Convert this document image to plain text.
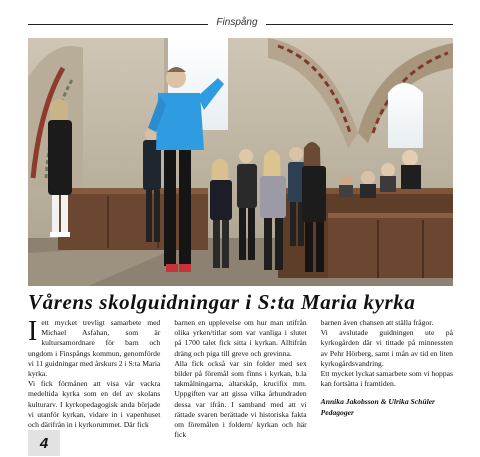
Finspång
Vårens skolguidningar i S:ta Maria kyrka

Iett mycket trevligt samarbete med Michael Asfahan, som är kultursamordnare för barn och ungdom i Finspångs kommun, genomförde vi 11 guidningar med årskurs 2 i S:ta Maria kyrka.

Vi fick förmånen att visa vår vackra medeltida kyrka som en del av skolans kulturarv. I kyrkopedagogisk anda började vi utanför kyrkan, vidare in i vapenhuset och därifrån in i kyrkorummet. Där fick

barnen en upplevelse om hur man utifrån olika yrken/titlar som var vanliga i slutet på 1700 talet fick sitta i kyrkan. Alltifrån dräng och piga till greve och grevinna.

Alla fick också var sin folder med sex bilder på föremål som finns i kyrkan, b.la takmålningarna, altarskåp, krucifix mm. Uppgiften var att gissa vilka århundraden dessa var ifrån. I samband med att vi rättade svaren berättade vi historiska fakta om föremålen i foldern/ kyrkan och här fick

barnen även chansen att ställa frågor.

Vi avslutade guidningen ute på kyrkogården där vi tittade på minnessten av Pehr Hörberg, samt i mån av tid en liten kyrkogårdsvandring.

Ett mycket lyckat samarbete som vi hoppas kan fortsätta i framtiden.

Annika Jakobsson & Ulrika Schüler
Pedagoger

4
